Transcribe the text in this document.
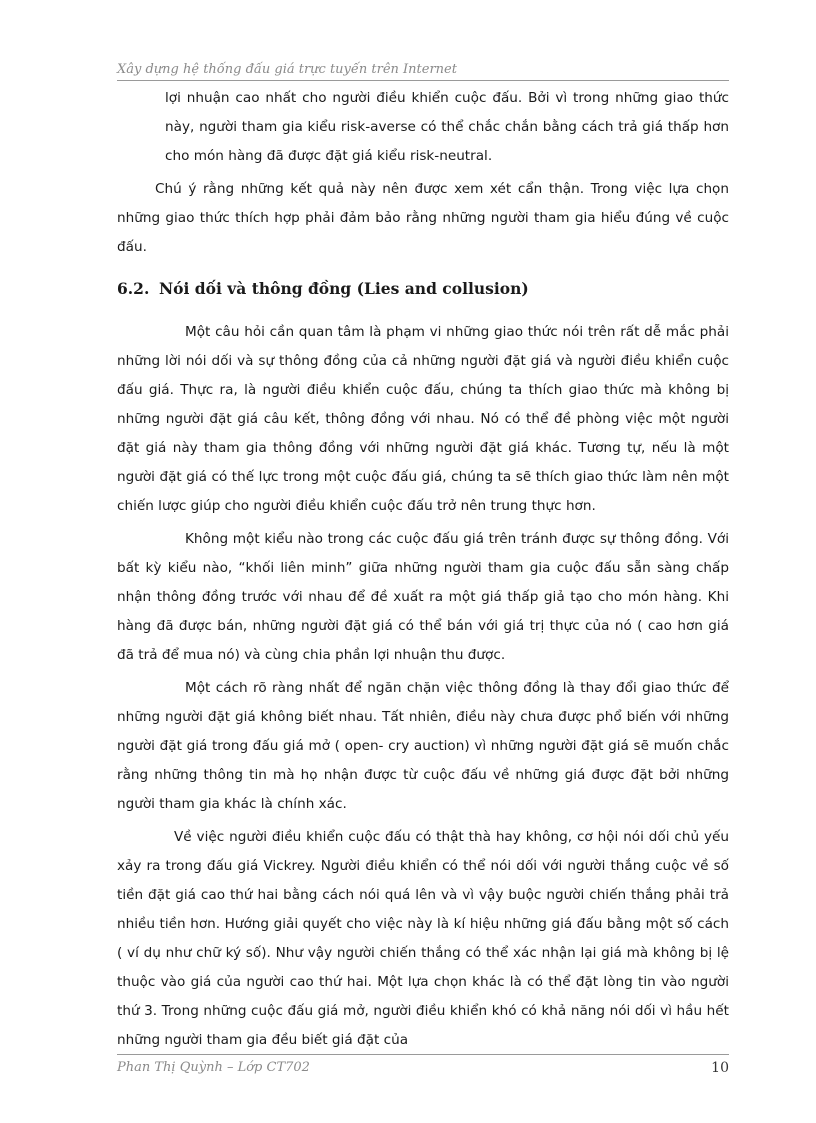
Xây dựng hệ thống đấu giá trực tuyến trên Internet

lợi nhuận cao nhất cho người điều khiển cuộc đấu. Bởi vì trong những giao thức này, người tham gia kiểu risk-averse có thể chắc chắn bằng cách trả giá thấp hơn cho món hàng đã được đặt giá kiểu risk-neutral.

Chú ý rằng những kết quả này nên được xem xét cẩn thận. Trong việc lựa chọn những giao thức thích hợp phải đảm bảo rằng những người tham gia hiểu đúng về cuộc đấu.

6.2. Nói dối và thông đồng (Lies and collusion)

Một câu hỏi cần quan tâm là phạm vi những giao thức nói trên rất dễ mắc phải những lời nói dối và sự thông đồng của cả những người đặt giá và người điều khiển cuộc đấu giá. Thực ra, là người điều khiển cuộc đấu, chúng ta thích giao thức mà không bị những người đặt giá câu kết, thông đồng với nhau. Nó có thể đề phòng việc một người đặt giá này tham gia thông đồng với những người đặt giá khác. Tương tự, nếu là một người đặt giá có thế lực trong một cuộc đấu giá, chúng ta sẽ thích giao thức làm nên một chiến lược giúp cho người điều khiển cuộc đấu trở nên trung thực hơn.

Không một kiểu nào trong các cuộc đấu giá trên tránh được sự thông đồng. Với bất kỳ kiểu nào, “khối liên minh” giữa những người tham gia cuộc đấu sẵn sàng chấp nhận thông đồng trước với nhau để đề xuất ra một giá thấp giả tạo cho món hàng. Khi hàng đã được bán, những người đặt giá có thể bán với giá trị thực của nó ( cao hơn giá đã trả để mua nó) và cùng chia phần lợi nhuận thu được.

Một cách rõ ràng nhất để ngăn chặn việc thông đồng là thay đổi giao thức để những người đặt giá không biết nhau. Tất nhiên, điều này chưa được phổ biến với những người đặt giá trong đấu giá mở ( open- cry auction) vì những người đặt giá sẽ muốn chắc rằng những thông tin mà họ nhận được từ cuộc đấu về những giá được đặt bởi những người tham gia khác là chính xác.

Về việc người điều khiển cuộc đấu có thật thà hay không, cơ hội nói dối chủ yếu xảy ra trong đấu giá Vickrey. Người điều khiển có thể nói dối với người thắng cuộc về số tiền đặt giá cao thứ hai bằng cách nói quá lên và vì vậy buộc người chiến thắng phải trả nhiều tiền hơn. Hướng giải quyết cho việc này là kí hiệu những giá đấu bằng một số cách ( ví dụ như chữ ký số). Như vậy người chiến thắng có thể xác nhận lại giá mà không bị lệ thuộc vào giá của người cao thứ hai. Một lựa chọn khác là có thể đặt lòng tin vào người thứ 3. Trong những cuộc đấu giá mở, người điều khiển khó có khả năng nói dối vì hầu hết những người tham gia đều biết giá đặt của

Phan Thị Quỳnh – Lớp CT702	10
